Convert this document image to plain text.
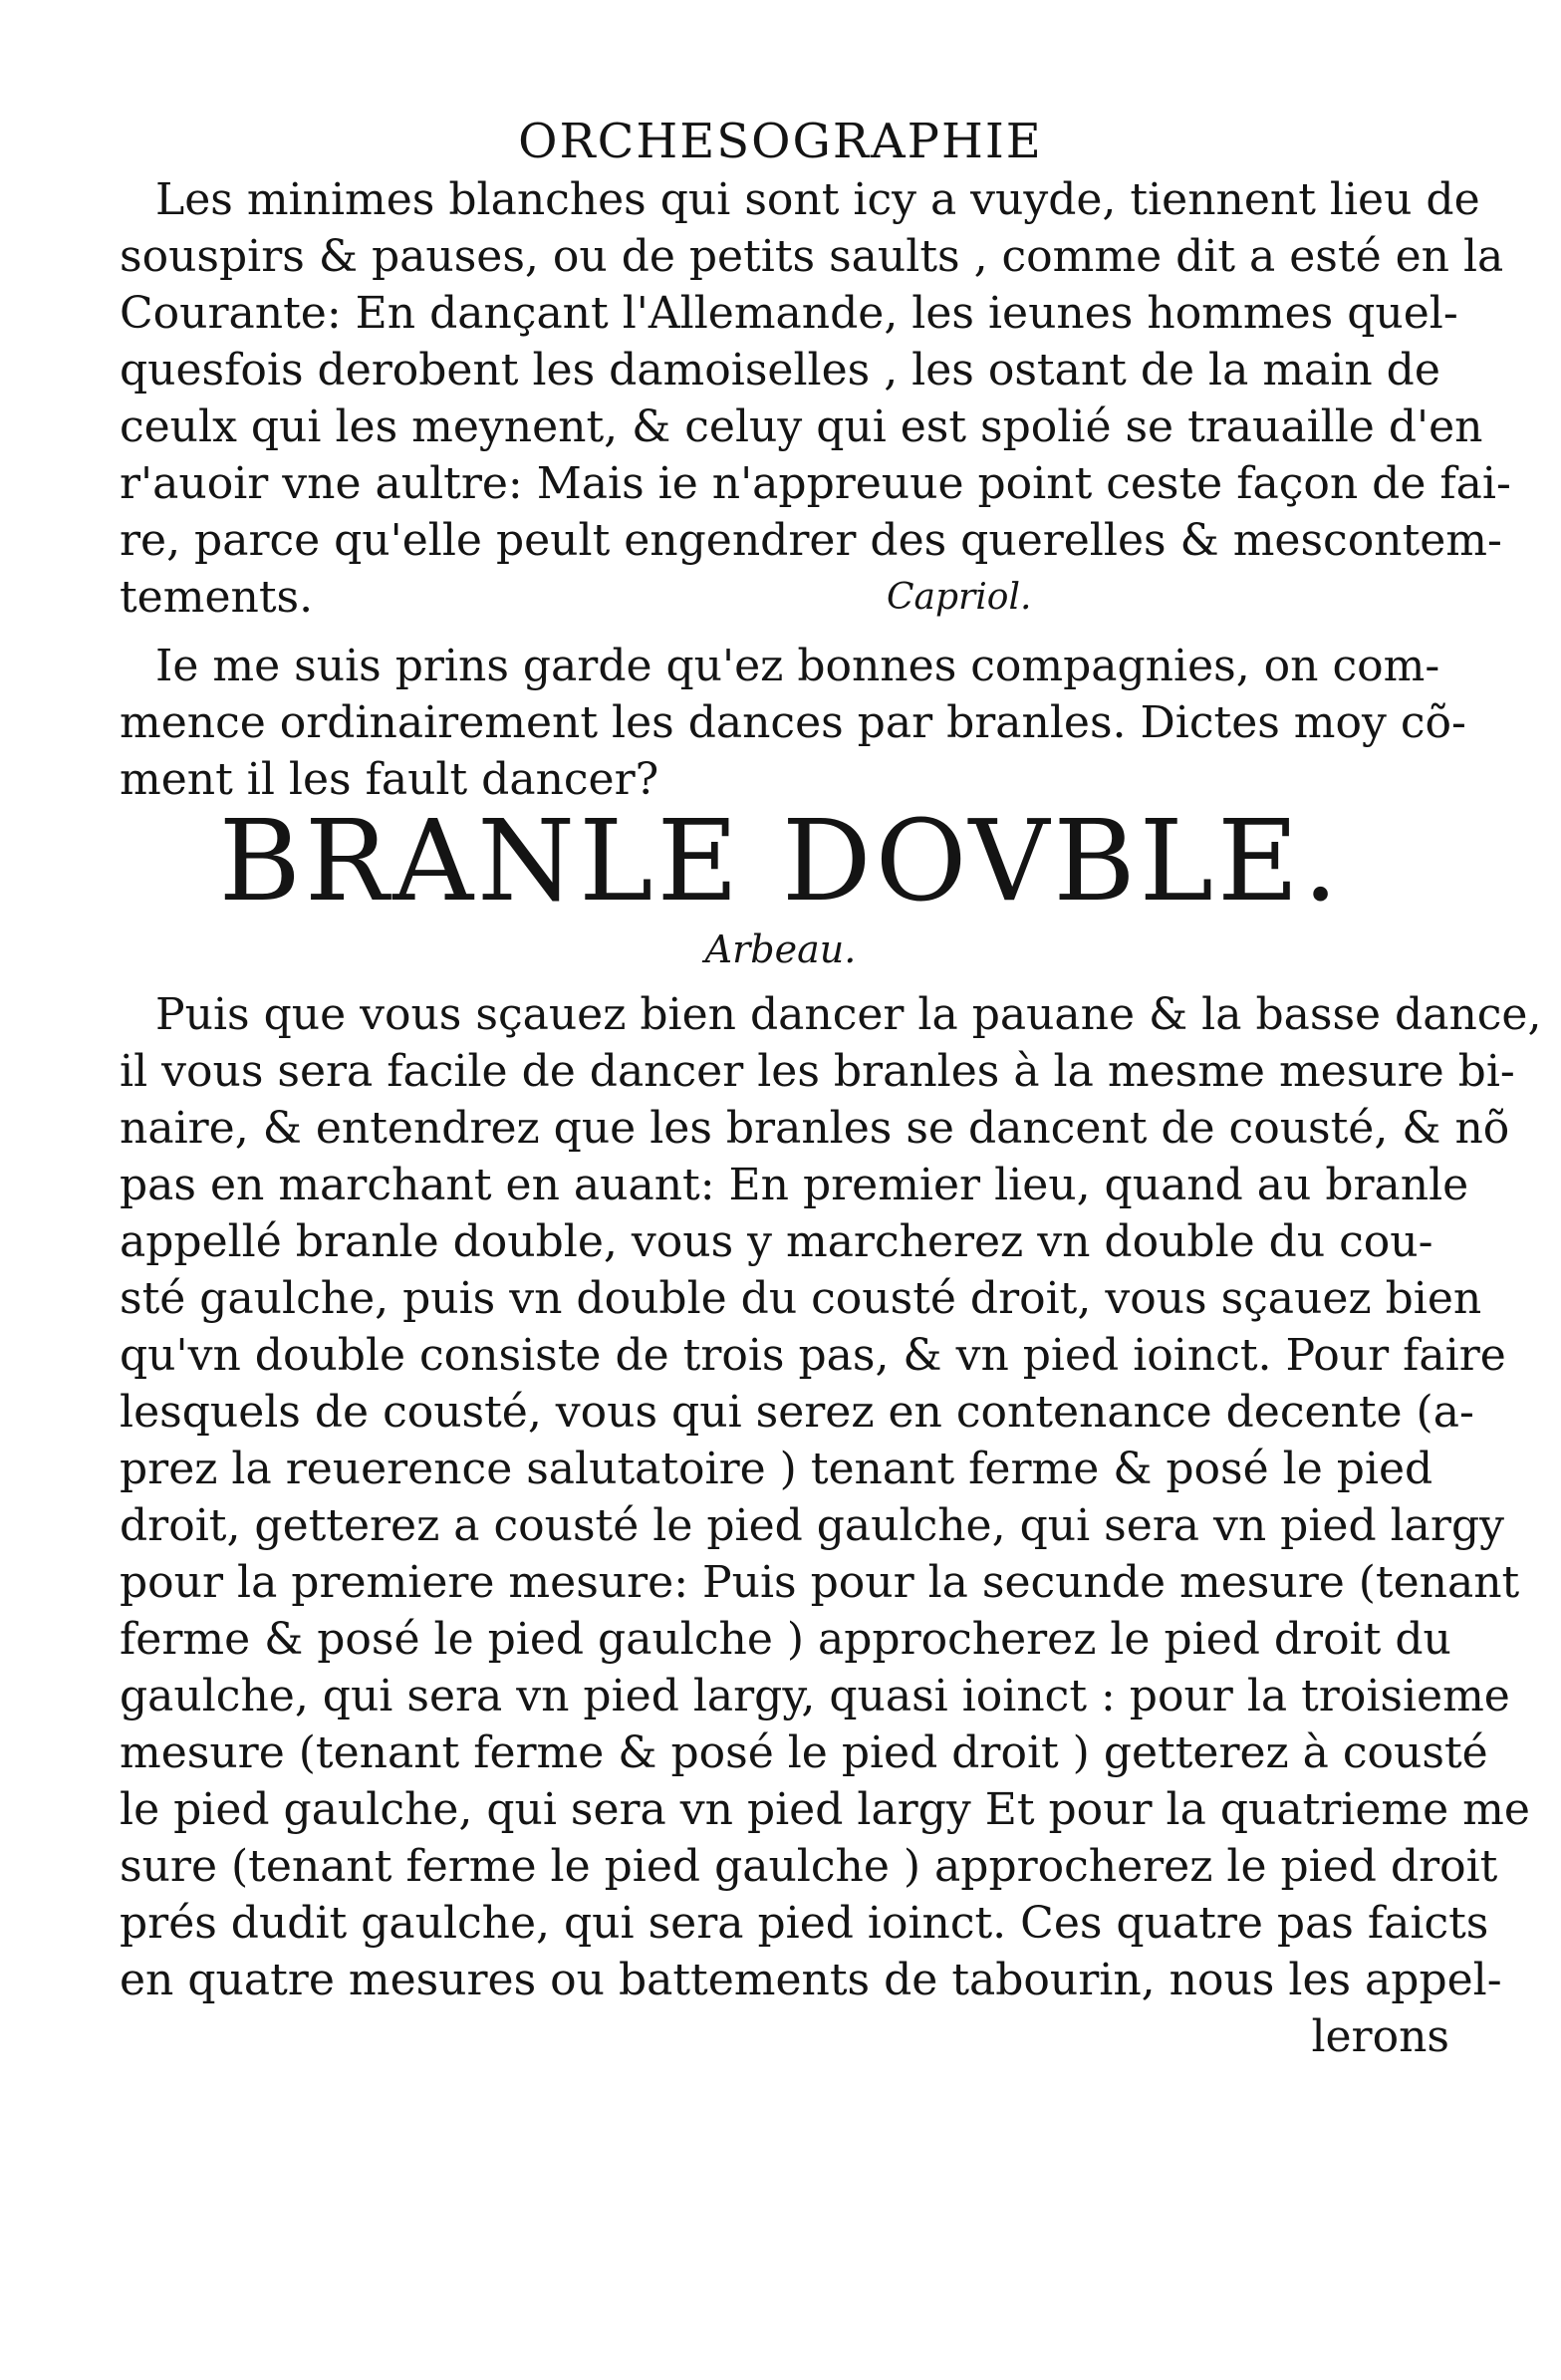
ORCHESOGRAPHIE
Les minimes blanches qui sont icy a vuyde, tiennent lieu de
souspirs & pauses, ou de petits saults , comme dit a esté en la
Courante: En dançant l'Allemande, les ieunes hommes quel-
quesfois derobent les damoiselles , les ostant de la main de
ceulx qui les meynent, & celuy qui est spolié se trauaille d'en
r'auoir vne aultre: Mais ie n'appreuue point ceste façon de fai-
re, parce qu'elle peult engendrer des querelles & mescontem-
tements.	Capriol.
Ie me suis prins garde qu'ez bonnes compagnies, on com-
mence ordinairement les dances par branles. Dictes moy cõ-
ment il les fault dancer?
BRANLE DOVBLE.
Arbeau.
Puis que vous sçauez bien dancer la pauane & la basse dance,
il vous sera facile de dancer les branles à la mesme mesure bi-
naire, & entendrez que les branles se dancent de cousté, & nõ
pas en marchant en auant: En premier lieu, quand au branle
appellé branle double, vous y marcherez vn double du cou-
sté gaulche, puis vn double du cousté droit, vous sçauez bien
qu'vn double consiste de trois pas, & vn pied ioinct. Pour faire
lesquels de cousté, vous qui serez en contenance decente (a-
prez la reuerence salutatoire ) tenant ferme & posé le pied
droit, getterez a cousté le pied gaulche, qui sera vn pied largy
pour la premiere mesure: Puis pour la secunde mesure (tenant
ferme & posé le pied gaulche ) approcherez le pied droit du
gaulche, qui sera vn pied largy, quasi ioinct : pour la troisieme
mesure (tenant ferme & posé le pied droit ) getterez à cousté
le pied gaulche, qui sera vn pied largy Et pour la quatrieme me
sure (tenant ferme le pied gaulche ) approcherez le pied droit
prés dudit gaulche, qui sera pied ioinct. Ces quatre pas faicts
en quatre mesures ou battements de tabourin, nous les appel-
lerons
